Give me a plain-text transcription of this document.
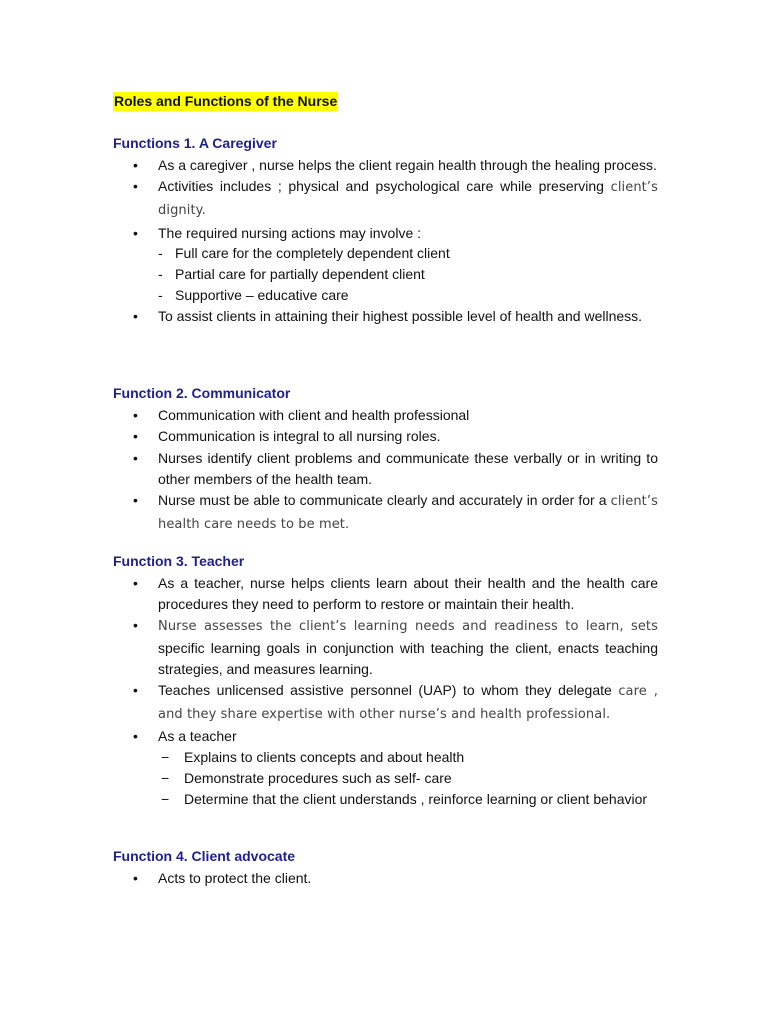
Roles and Functions of the Nurse
Functions 1. A Caregiver
• As a caregiver , nurse helps the client regain health through the healing process.
• Activities includes ; physical and psychological care while preserving client’s dignity.
• The required nursing actions may involve :
- Full care for the completely dependent client
- Partial care for partially dependent client
- Supportive – educative care
• To assist clients in attaining their highest possible level of health and wellness.
Function 2. Communicator
• Communication with client and health professional
• Communication is integral to all nursing roles.
• Nurses identify client problems and communicate these verbally or in writing to other members of the health team.
• Nurse must be able to communicate clearly and accurately in order for a client’s health care needs to be met.
Function 3. Teacher
• As a teacher, nurse helps clients learn about their health and the health care procedures they need to perform to restore or maintain their health.
• Nurse assesses the client’s learning needs and readiness to learn, sets specific learning goals in conjunction with teaching the client, enacts teaching strategies, and measures learning.
• Teaches unlicensed assistive personnel (UAP) to whom they delegate care , and they share expertise with other nurse’s and health professional.
• As a teacher
− Explains to clients concepts and about health
− Demonstrate procedures such as self- care
− Determine that the client understands , reinforce learning or client behavior
Function 4. Client advocate
• Acts to protect the client.
